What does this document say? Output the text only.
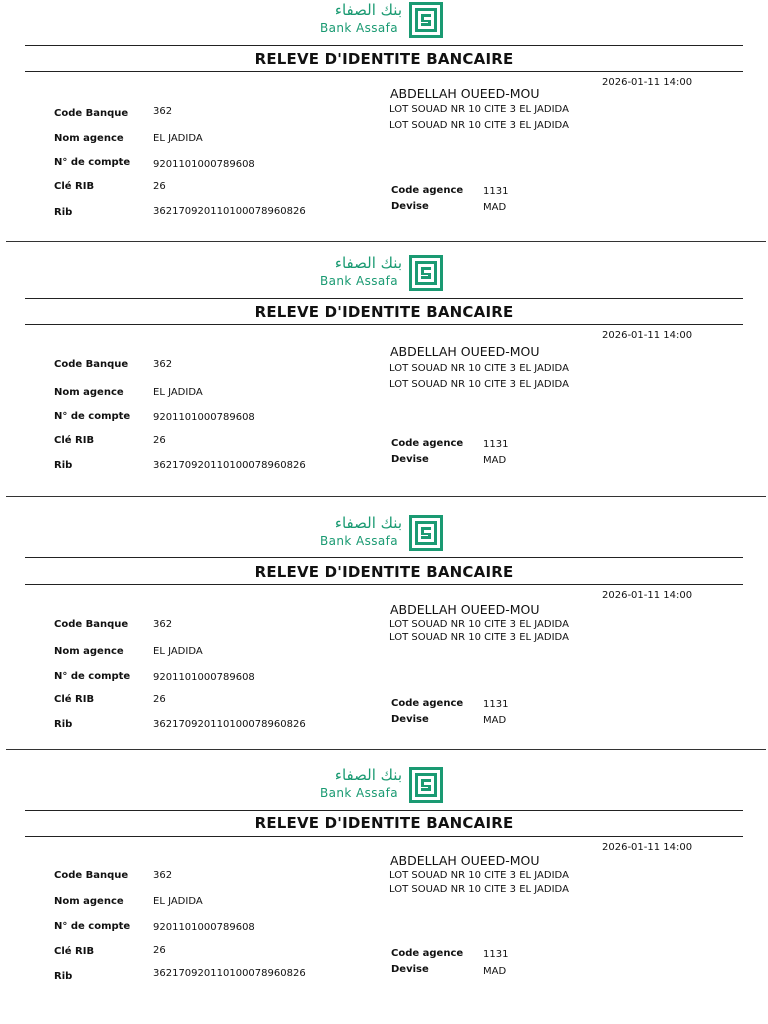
بنك الصفاء
Bank Assafa
RELEVE D'IDENTITE BANCAIRE
2026-01-11 14:00
ABDELLAH OUEED-MOU
LOT SOUAD NR 10 CITE 3 EL JADIDA
LOT SOUAD NR 10 CITE 3 EL JADIDA
Code Banque 362
Nom agence	EL JADIDA
N° de compte 9201101000789608
Clé RIB	26
Rib	362170920110100078960826
Code agence 1131
Devise	MAD
بنك الصفاء
Bank Assafa
RELEVE D'IDENTITE BANCAIRE
2026-01-11 14:00
ABDELLAH OUEED-MOU
LOT SOUAD NR 10 CITE 3 EL JADIDA
LOT SOUAD NR 10 CITE 3 EL JADIDA
Code Banque 362
Nom agence	EL JADIDA
N° de compte 9201101000789608
Clé RIB	26
Rib	362170920110100078960826
Code agence 1131
Devise	MAD
بنك الصفاء
Bank Assafa
RELEVE D'IDENTITE BANCAIRE
2026-01-11 14:00
ABDELLAH OUEED-MOU
LOT SOUAD NR 10 CITE 3 EL JADIDA
LOT SOUAD NR 10 CITE 3 EL JADIDA
Code Banque 362
Nom agence	EL JADIDA
N° de compte 9201101000789608
Clé RIB	26
Rib	362170920110100078960826
Code agence 1131
Devise	MAD
بنك الصفاء
Bank Assafa
RELEVE D'IDENTITE BANCAIRE
2026-01-11 14:00
ABDELLAH OUEED-MOU
LOT SOUAD NR 10 CITE 3 EL JADIDA
LOT SOUAD NR 10 CITE 3 EL JADIDA
Code Banque 362
Nom agence	EL JADIDA
N° de compte 9201101000789608
Clé RIB	26
Rib	362170920110100078960826
Code agence 1131
Devise	MAD
